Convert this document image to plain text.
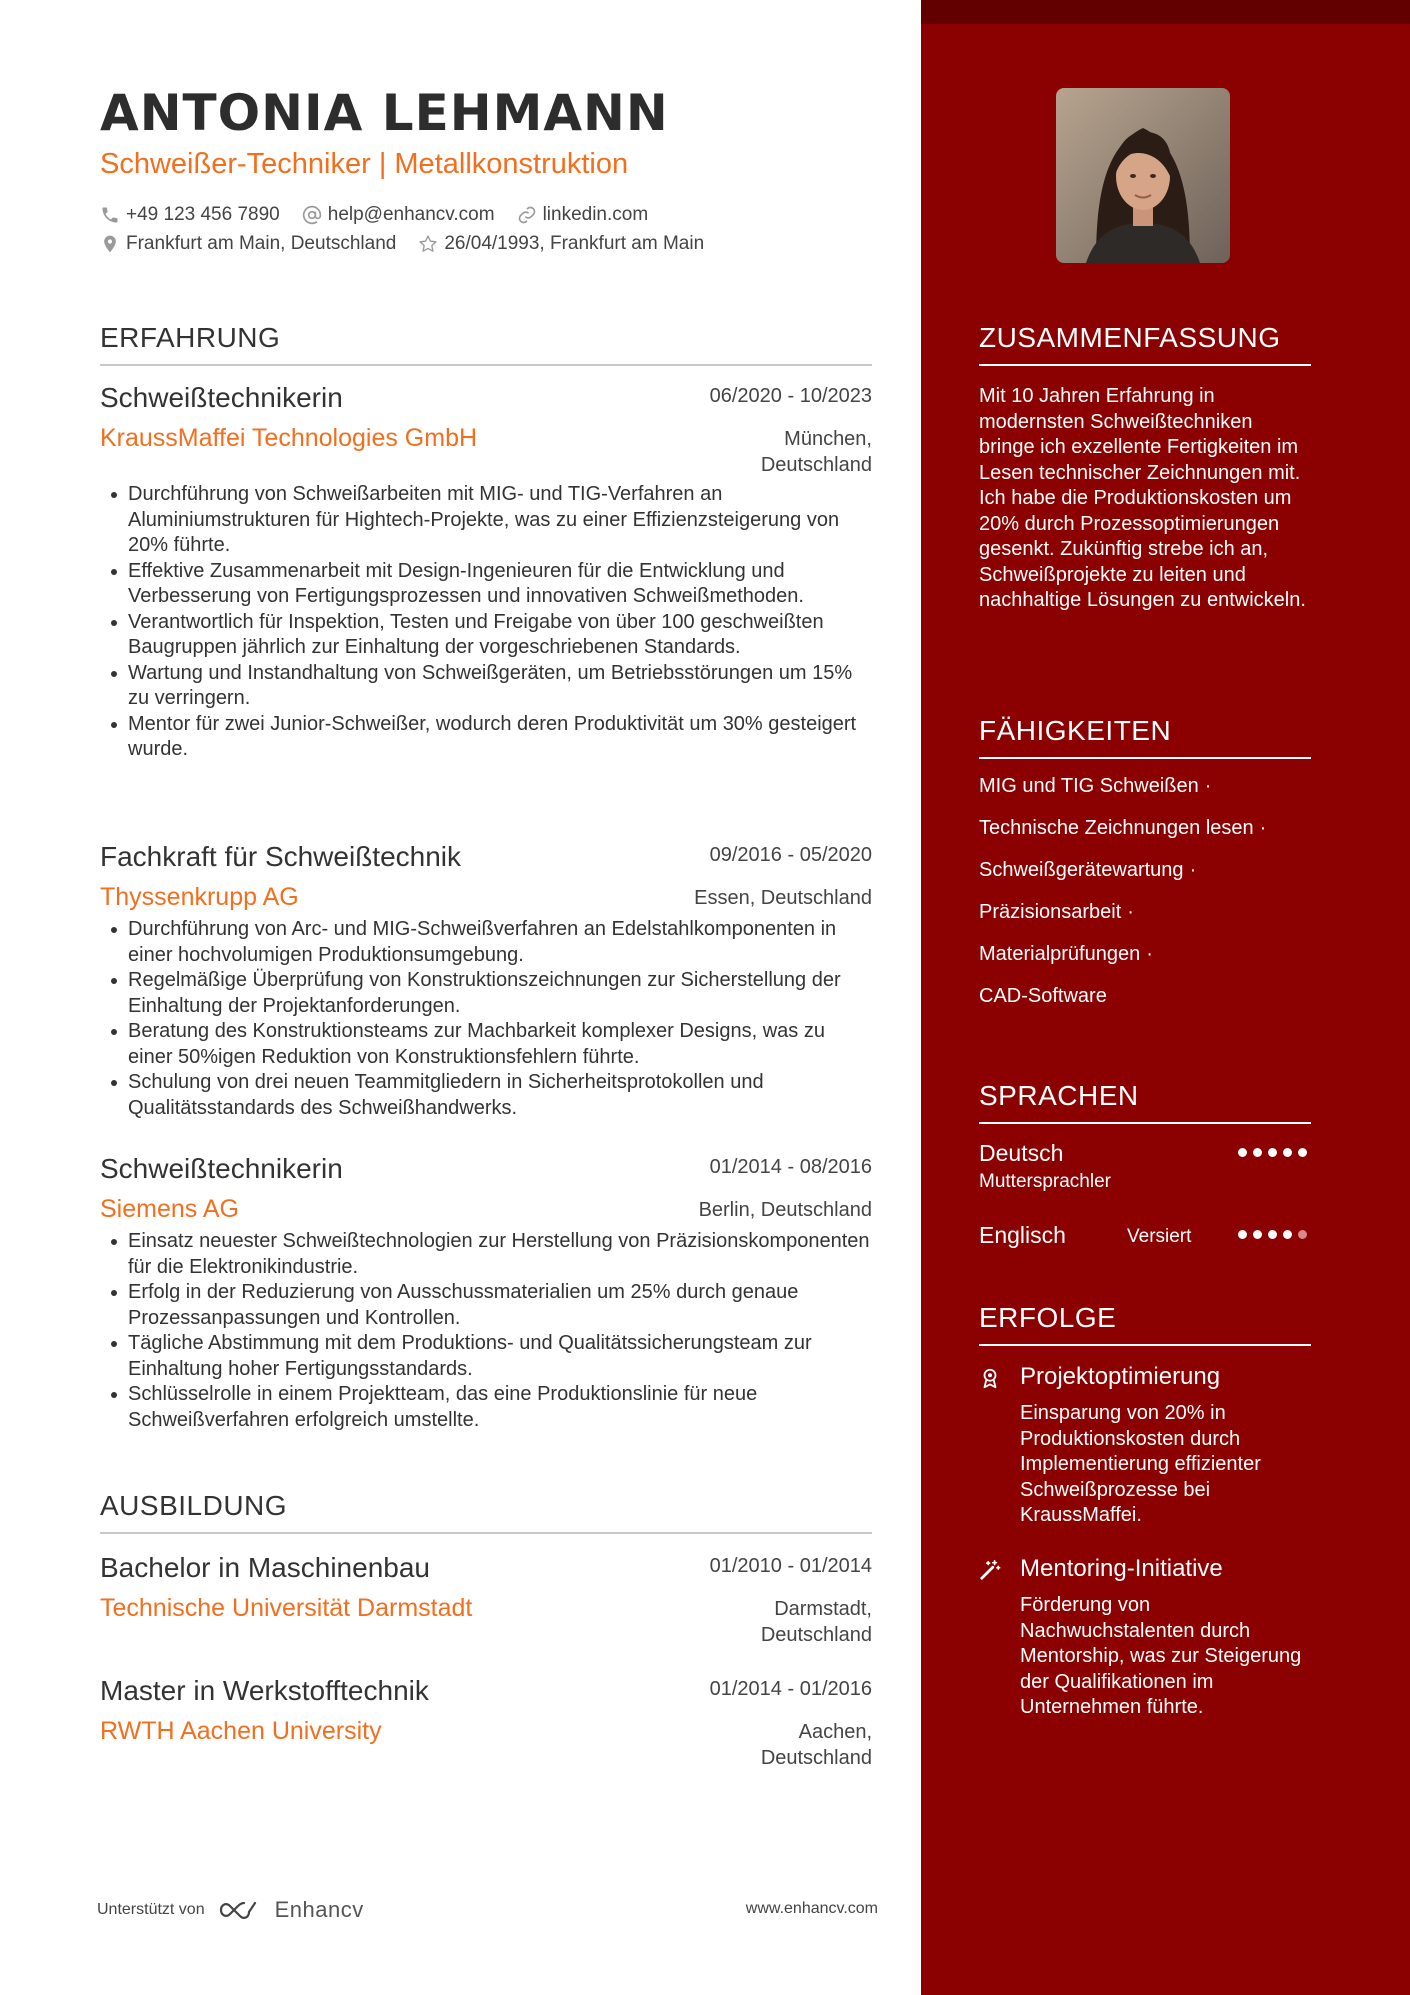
ANTONIA LEHMANN
Schweißer-Techniker | Metallkonstruktion
+49 123 456 7890	help@enhancv.com	linkedin.com
Frankfurt am Main, Deutschland	26/04/1993, Frankfurt am Main
ERFAHRUNG
Schweißtechnikerin	06/2020 - 10/2023
KraussMaffei Technologies GmbH	München,
Deutschland
Durchführung von Schweißarbeiten mit MIG- und TIG-Verfahren an Aluminiumstrukturen für Hightech-Projekte, was zu einer Effizienzsteigerung von 20% führte.
Effektive Zusammenarbeit mit Design-Ingenieuren für die Entwicklung und Verbesserung von Fertigungsprozessen und innovativen Schweißmethoden.
Verantwortlich für Inspektion, Testen und Freigabe von über 100 geschweißten Baugruppen jährlich zur Einhaltung der vorgeschriebenen Standards.
Wartung und Instandhaltung von Schweißgeräten, um Betriebsstörungen um 15% zu verringern.
Mentor für zwei Junior-Schweißer, wodurch deren Produktivität um 30% gesteigert wurde.
Fachkraft für Schweißtechnik	09/2016 - 05/2020
Thyssenkrupp AG	Essen, Deutschland
Durchführung von Arc- und MIG-Schweißverfahren an Edelstahlkomponenten in einer hochvolumigen Produktionsumgebung.
Regelmäßige Überprüfung von Konstruktionszeichnungen zur Sicherstellung der Einhaltung der Projektanforderungen.
Beratung des Konstruktionsteams zur Machbarkeit komplexer Designs, was zu einer 50%igen Reduktion von Konstruktionsfehlern führte.
Schulung von drei neuen Teammitgliedern in Sicherheitsprotokollen und Qualitätsstandards des Schweißhandwerks.
Schweißtechnikerin	01/2014 - 08/2016
Siemens AG	Berlin, Deutschland
Einsatz neuester Schweißtechnologien zur Herstellung von Präzisionskomponenten für die Elektronikindustrie.
Erfolg in der Reduzierung von Ausschussmaterialien um 25% durch genaue Prozessanpassungen und Kontrollen.
Tägliche Abstimmung mit dem Produktions- und Qualitätssicherungsteam zur Einhaltung hoher Fertigungsstandards.
Schlüsselrolle in einem Projektteam, das eine Produktionslinie für neue Schweißverfahren erfolgreich umstellte.
AUSBILDUNG
Bachelor in Maschinenbau	01/2010 - 01/2014
Technische Universität Darmstadt	Darmstadt,
Deutschland
Master in Werkstofftechnik	01/2014 - 01/2016
RWTH Aachen University	Aachen,
Deutschland
Unterstützt von	Enhancv	www.enhancv.com
ZUSAMMENFASSUNG
Mit 10 Jahren Erfahrung in modernsten Schweißtechniken bringe ich exzellente Fertigkeiten im Lesen technischer Zeichnungen mit. Ich habe die Produktionskosten um 20% durch Prozessoptimierungen gesenkt. Zukünftig strebe ich an, Schweißprojekte zu leiten und nachhaltige Lösungen zu entwickeln.
FÄHIGKEITEN
MIG und TIG Schweißen ·
Technische Zeichnungen lesen ·
Schweißgerätewartung ·
Präzisionsarbeit ·
Materialprüfungen ·
CAD-Software
SPRACHEN
Deutsch
Muttersprachler
Englisch	Versiert
ERFOLGE
Projektoptimierung
Einsparung von 20% in Produktionskosten durch Implementierung effizienter Schweißprozesse bei KraussMaffei.
Mentoring-Initiative
Förderung von Nachwuchstalenten durch Mentorship, was zur Steigerung der Qualifikationen im Unternehmen führte.
